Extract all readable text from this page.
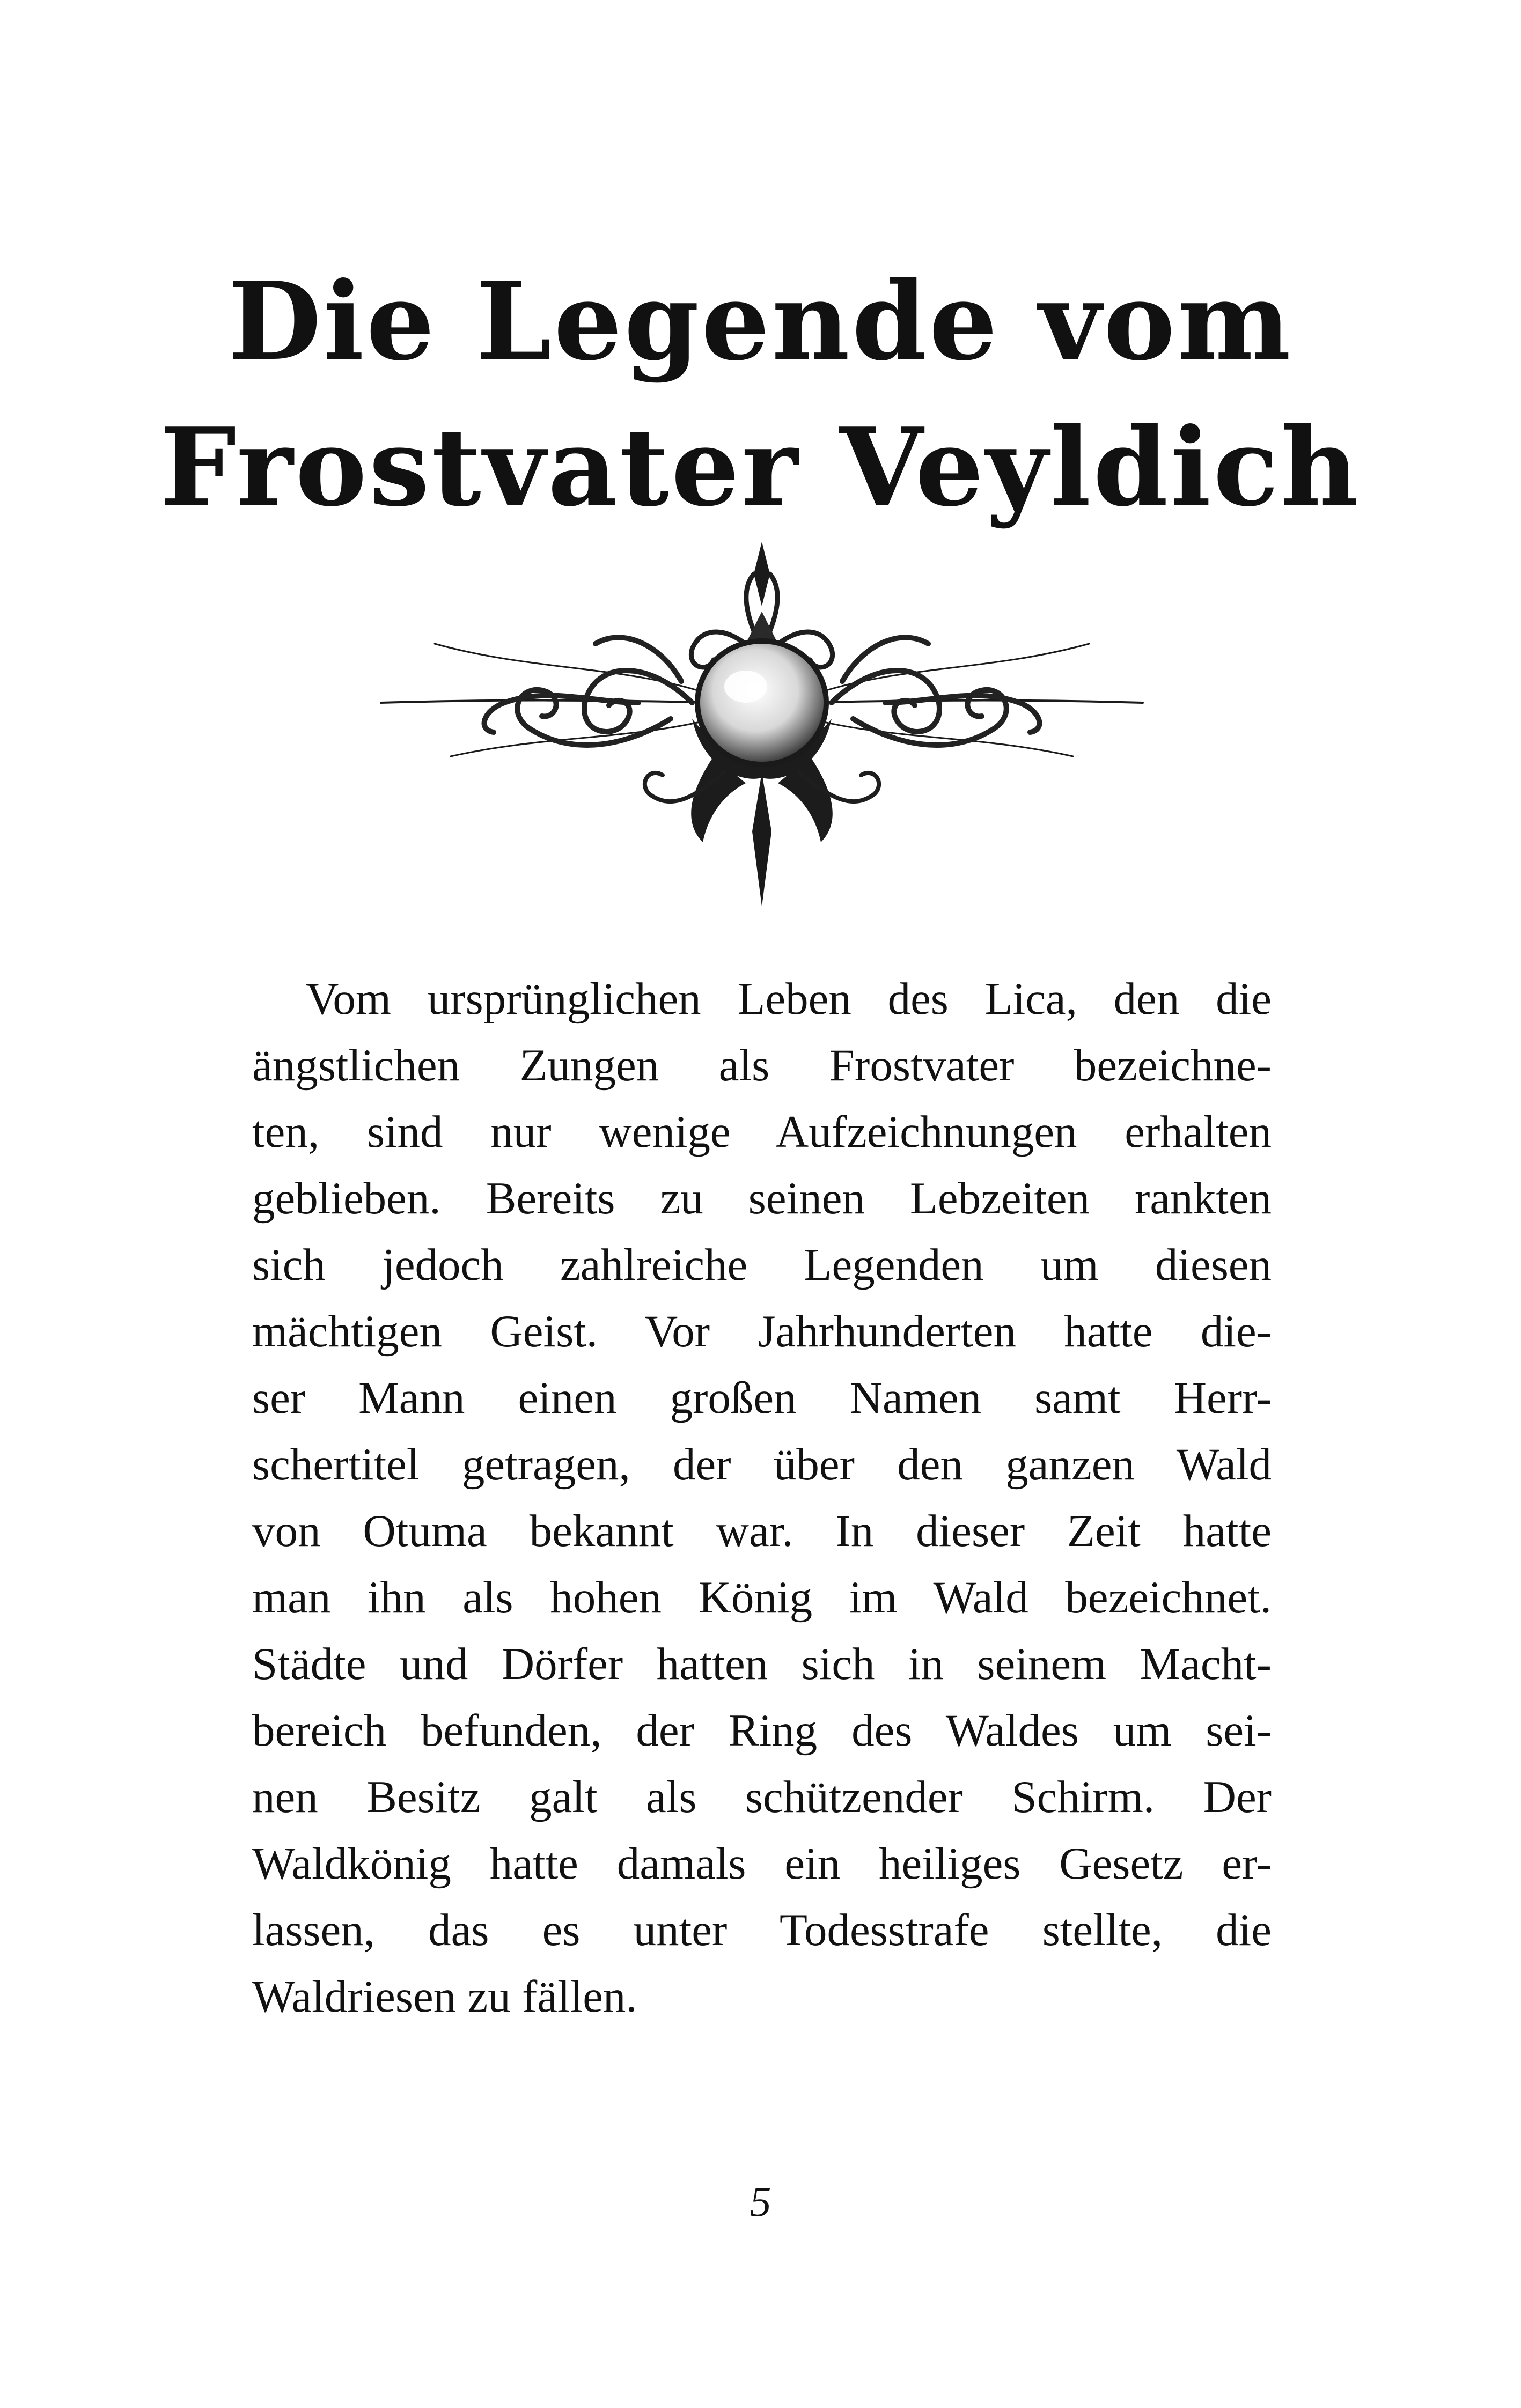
Die Legende vom
Frostvater Veyldich
Vom ursprünglichen Leben des Lica, den die
ängstlichen Zungen als Frostvater bezeichne-
ten, sind nur wenige Aufzeichnungen erhalten
geblieben. Bereits zu seinen Lebzeiten rankten
sich jedoch zahlreiche Legenden um diesen
mächtigen Geist. Vor Jahrhunderten hatte die-
ser Mann einen großen Namen samt Herr-
schertitel getragen, der über den ganzen Wald
von Otuma bekannt war. In dieser Zeit hatte
man ihn als hohen König im Wald bezeichnet.
Städte und Dörfer hatten sich in seinem Macht-
bereich befunden, der Ring des Waldes um sei-
nen Besitz galt als schützender Schirm. Der
Waldkönig hatte damals ein heiliges Gesetz er-
lassen, das es unter Todesstrafe stellte, die
Waldriesen zu fällen.
5
